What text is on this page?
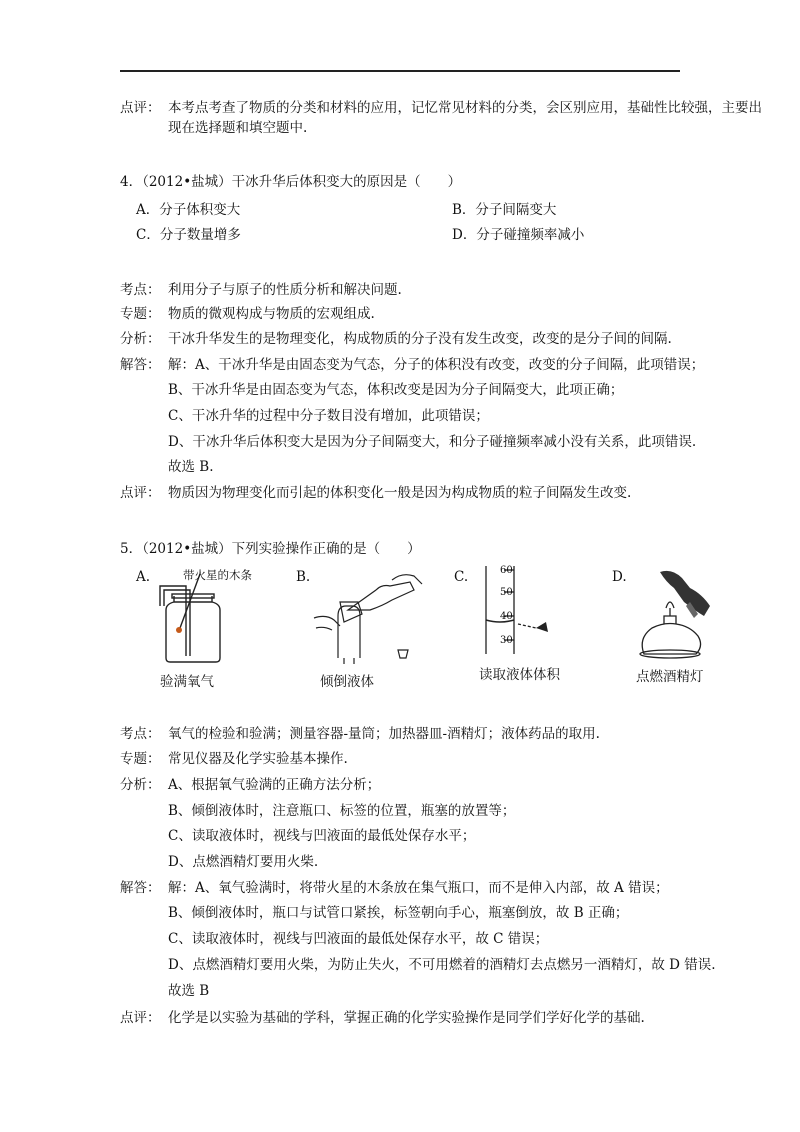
点评： 本考点考查了物质的分类和材料的应用，记忆常见材料的分类，会区别应用，基础性比较强，主要出
现在选择题和填空题中.
4．（2012•盐城）干冰升华后体积变大的原因是（　　）
A．分子体积变大	B．分子间隔变大
C．分子数量增多	D．分子碰撞频率减小
考点： 利用分子与原子的性质分析和解决问题.
专题： 物质的微观构成与物质的宏观组成.
分析： 干冰升华发生的是物理变化，构成物质的分子没有发生改变，改变的是分子间的间隔.
解答： 解：A、干冰升华是由固态变为气态，分子的体积没有改变，改变的分子间隔，此项错误；
B、干冰升华是由固态变为气态，体积改变是因为分子间隔变大，此项正确；
C、干冰升华的过程中分子数目没有增加，此项错误；
D、干冰升华后体积变大是因为分子间隔变大，和分子碰撞频率减小没有关系，此项错误.
故选 B.
点评： 物质因为物理变化而引起的体积变化一般是因为构成物质的粒子间隔发生改变.
5．（2012•盐城）下列实验操作正确的是（　　）
A.	带火星的木条
验满氧气
B.
倾倒液体
C.	60
50
40
30
读取液体体积
D.
点燃酒精灯
考点： 氧气的检验和验满；测量容器-量筒；加热器皿-酒精灯；液体药品的取用.
专题： 常见仪器及化学实验基本操作.
分析： A、根据氧气验满的正确方法分析；
B、倾倒液体时，注意瓶口、标签的位置，瓶塞的放置等；
C、读取液体时，视线与凹液面的最低处保存水平；
D、点燃酒精灯要用火柴.
解答： 解：A、氧气验满时，将带火星的木条放在集气瓶口，而不是伸入内部，故 A 错误；
B、倾倒液体时，瓶口与试管口紧挨，标签朝向手心，瓶塞倒放，故 B 正确；
C、读取液体时，视线与凹液面的最低处保存水平，故 C 错误；
D、点燃酒精灯要用火柴，为防止失火，不可用燃着的酒精灯去点燃另一酒精灯，故 D 错误.
故选 B
点评： 化学是以实验为基础的学科，掌握正确的化学实验操作是同学们学好化学的基础.
